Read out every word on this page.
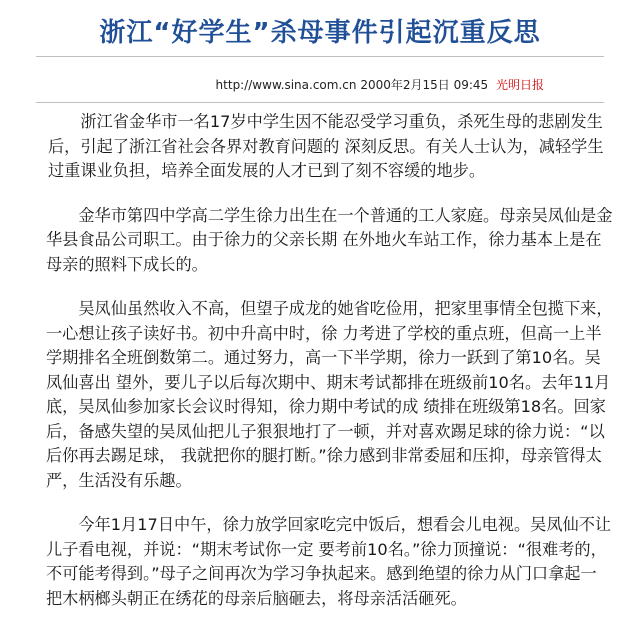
浙江“好学生”杀母事件引起沉重反思
http://www.sina.com.cn 2000年2月15日 09:45 光明日报

　　浙江省金华市一名17岁中学生因不能忍受学习重负，杀死生母的悲剧发生后，引起了浙江省社会各界对教育问题的 深刻反思。有关人士认为，减轻学生过重课业负担，培养全面发展的人才已到了刻不容缓的地步。

　　金华市第四中学高二学生徐力出生在一个普通的工人家庭。母亲吴凤仙是金华县食品公司职工。由于徐力的父亲长期 在外地火车站工作，徐力基本上是在母亲的照料下成长的。

　　吴凤仙虽然收入不高，但望子成龙的她省吃俭用，把家里事情全包揽下来，一心想让孩子读好书。初中升高中时，徐 力考进了学校的重点班，但高一上半学期排名全班倒数第二。通过努力，高一下半学期，徐力一跃到了第10名。吴凤仙喜出 望外，要儿子以后每次期中、期末考试都排在班级前10名。去年11月底，吴凤仙参加家长会议时得知，徐力期中考试的成 绩排在班级第18名。回家后，备感失望的吴凤仙把儿子狠狠地打了一顿，并对喜欢踢足球的徐力说：“以后你再去踢足球， 我就把你的腿打断。”徐力感到非常委屈和压抑，母亲管得太严，生活没有乐趣。

　　今年1月17日中午，徐力放学回家吃完中饭后，想看会儿电视。吴凤仙不让儿子看电视，并说：“期末考试你一定 要考前10名。”徐力顶撞说：“很难考的，不可能考得到。”母子之间再次为学习争执起来。感到绝望的徐力从门口拿起一 把木柄榔头朝正在绣花的母亲后脑砸去，将母亲活活砸死。
